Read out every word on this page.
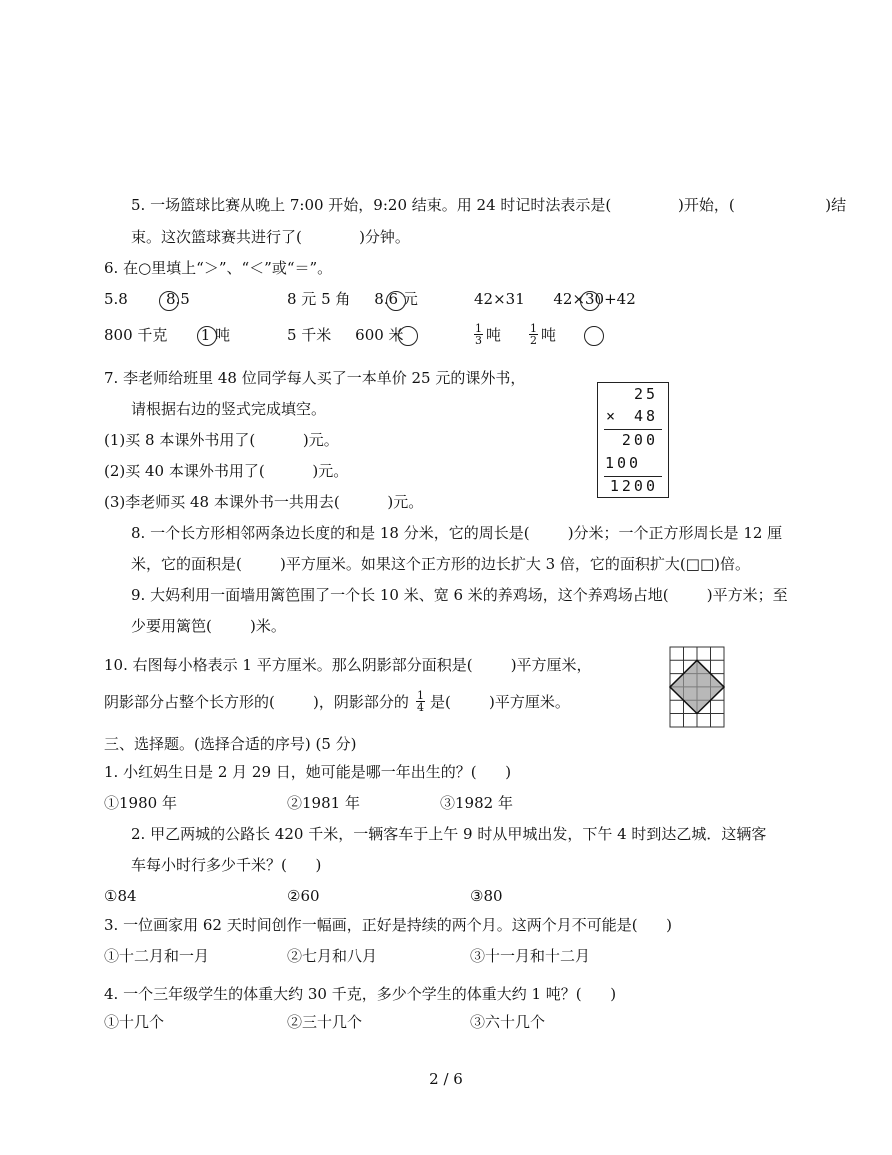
5. 一场篮球比赛从晚上 7:00 开始，9:20 结束。用 24 时记时法表示是(              )开始，(                   )结
束。这次篮球赛共进行了(            )分钟。
6. 在○里填上“＞”、“＜”或“＝”。
5.8        8.5	8 元 5 角     8.6 元	42×31      42×30+42
800 千克       1 吨	5 千米     600 米	$\frac{1}{3}$ 吨	$\frac{1}{2}$ 吨
7. 李老师给班里 48 位同学每人买了一本单价 25 元的课外书，
请根据右边的竖式完成填空。
(1)买 8 本课外书用了(          )元。
(2)买 40 本课外书用了(          )元。
(3)李老师买 48 本课外书一共用去(          )元。
25
× 48
200
100
1200
8. 一个长方形相邻两条边长度的和是 18 分米，它的周长是(        )分米；一个正方形周长是 12 厘
米，它的面积是(        )平方厘米。如果这个正方形的边长扩大 3 倍，它的面积扩大(□□)倍。
9. 大妈利用一面墙用篱笆围了一个长 10 米、宽 6 米的养鸡场，这个养鸡场占地(        )平方米；至
少要用篱笆(        )米。
10. 右图每小格表示 1 平方厘米。那么阴影部分面积是(        )平方厘米，
阴影部分占整个长方形的(        )，阴影部分的 $\frac{1}{4}$ 是(        )平方厘米。
三、选择题。(选择合适的序号) (5 分)
1. 小红妈生日是 2 月 29 日，她可能是哪一年出生的？(      )
①1980 年	②1981 年	③1982 年
2. 甲乙两城的公路长 420 千米，一辆客车于上午 9 时从甲城出发，下午 4 时到达乙城．这辆客
车每小时行多少千米？(      )
①84	②60	③80
3. 一位画家用 62 天时间创作一幅画，正好是持续的两个月。这两个月不可能是(      )
①十二月和一月	②七月和八月	③十一月和十二月
4. 一个三年级学生的体重大约 30 千克，多少个学生的体重大约 1 吨？(      )
①十几个	②三十几个	③六十几个
2 / 6
